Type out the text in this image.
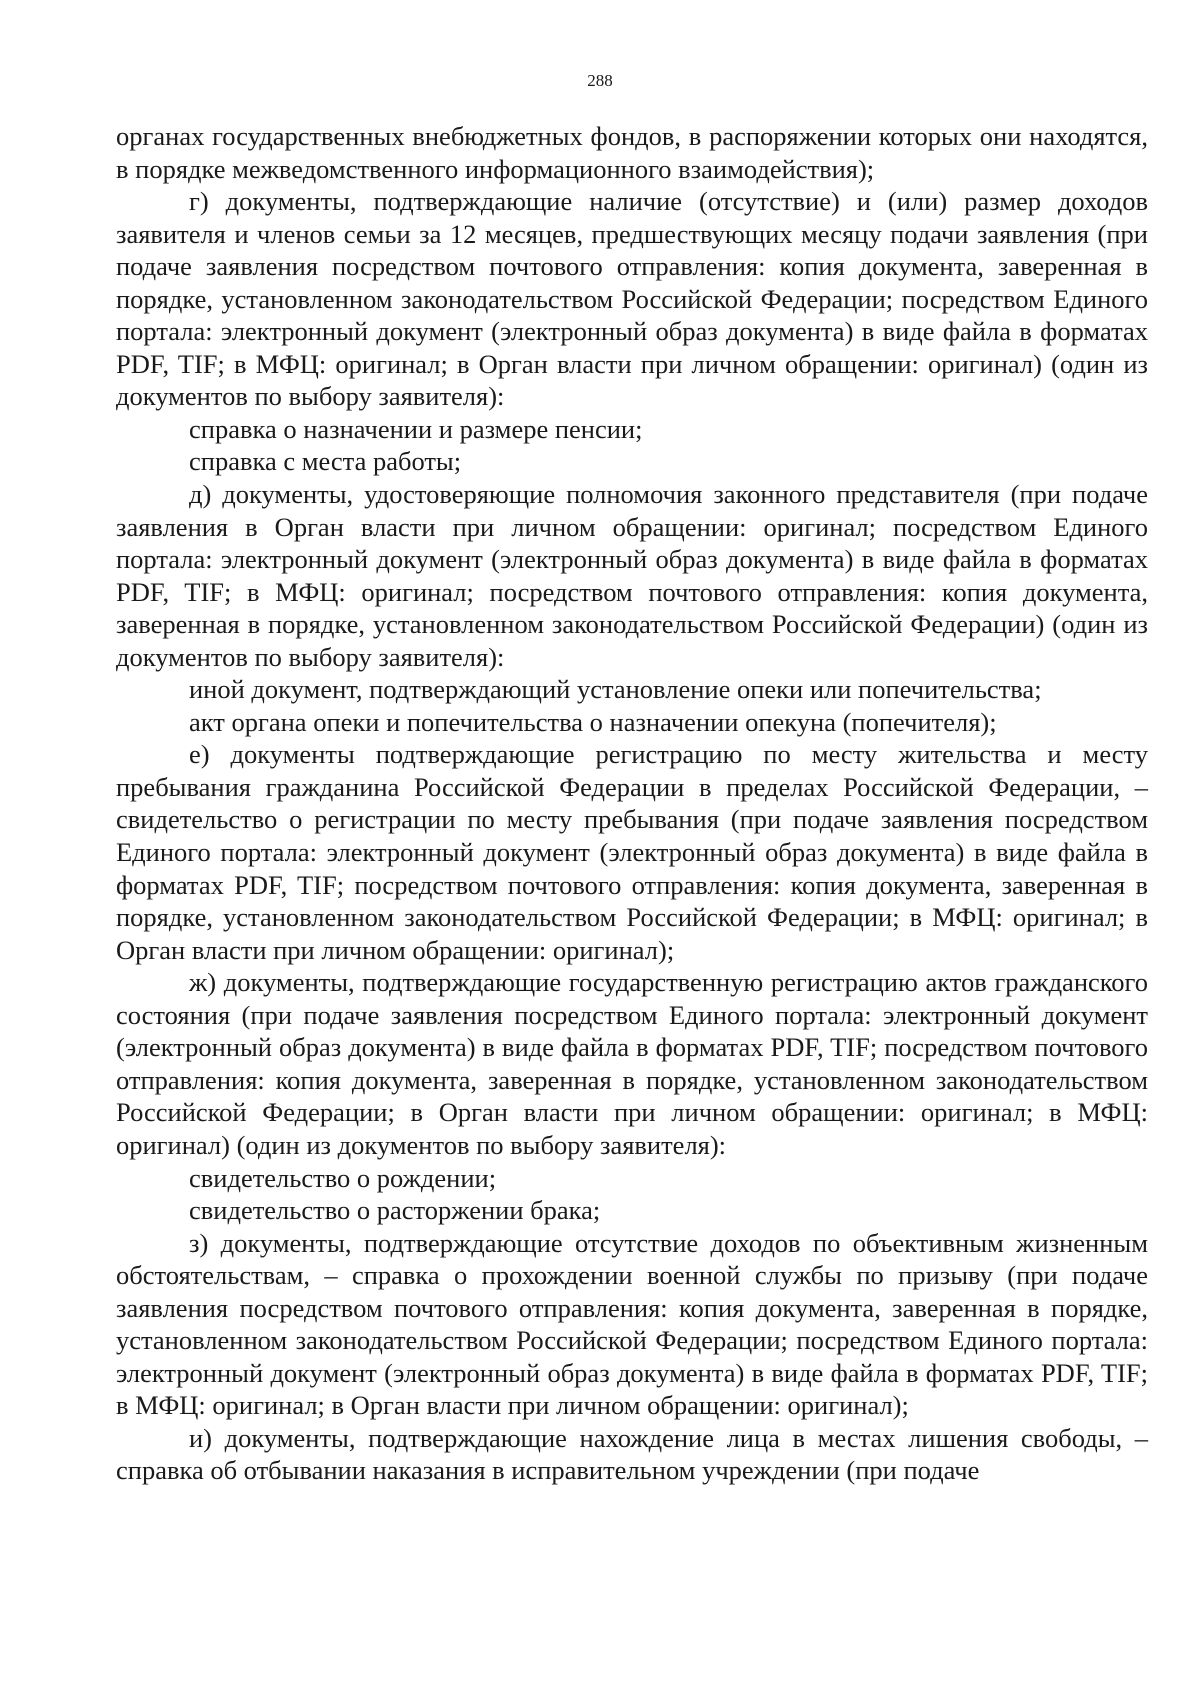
288

органах государственных внебюджетных фондов, в распоряжении которых они находятся, в порядке межведомственного информационного взаимодействия);

г) документы, подтверждающие наличие (отсутствие) и (или) размер доходов заявителя и членов семьи за 12 месяцев, предшествующих месяцу подачи заявления (при подаче заявления посредством почтового отправления: копия документа, заверенная в порядке, установленном законодательством Российской Федерации; посредством Единого портала: электронный документ (электронный образ документа) в виде файла в форматах PDF, TIF; в МФЦ: оригинал; в Орган власти при личном обращении: оригинал) (один из документов по выбору заявителя):

справка о назначении и размере пенсии;

справка с места работы;

д) документы, удостоверяющие полномочия законного представителя (при подаче заявления в Орган власти при личном обращении: оригинал; посредством Единого портала: электронный документ (электронный образ документа) в виде файла в форматах PDF, TIF; в МФЦ: оригинал; посредством почтового отправления: копия документа, заверенная в порядке, установленном законодательством Российской Федерации) (один из документов по выбору заявителя):

иной документ, подтверждающий установление опеки или попечительства;

акт органа опеки и попечительства о назначении опекуна (попечителя);

е) документы подтверждающие регистрацию по месту жительства и месту пребывания гражданина Российской Федерации в пределах Российской Федерации, – свидетельство о регистрации по месту пребывания (при подаче заявления посредством Единого портала: электронный документ (электронный образ документа) в виде файла в форматах PDF, TIF; посредством почтового отправления: копия документа, заверенная в порядке, установленном законодательством Российской Федерации; в МФЦ: оригинал; в Орган власти при личном обращении: оригинал);

ж) документы, подтверждающие государственную регистрацию актов гражданского состояния (при подаче заявления посредством Единого портала: электронный документ (электронный образ документа) в виде файла в форматах PDF, TIF; посредством почтового отправления: копия документа, заверенная в порядке, установленном законодательством Российской Федерации; в Орган власти при личном обращении: оригинал; в МФЦ: оригинал) (один из документов по выбору заявителя):

свидетельство о рождении;

свидетельство о расторжении брака;

з) документы, подтверждающие отсутствие доходов по объективным жизненным обстоятельствам, – справка о прохождении военной службы по призыву (при подаче заявления посредством почтового отправления: копия документа, заверенная в порядке, установленном законодательством Российской Федерации; посредством Единого портала: электронный документ (электронный образ документа) в виде файла в форматах PDF, TIF; в МФЦ: оригинал; в Орган власти при личном обращении: оригинал);

и) документы, подтверждающие нахождение лица в местах лишения свободы, – справка об отбывании наказания в исправительном учреждении (при подаче
